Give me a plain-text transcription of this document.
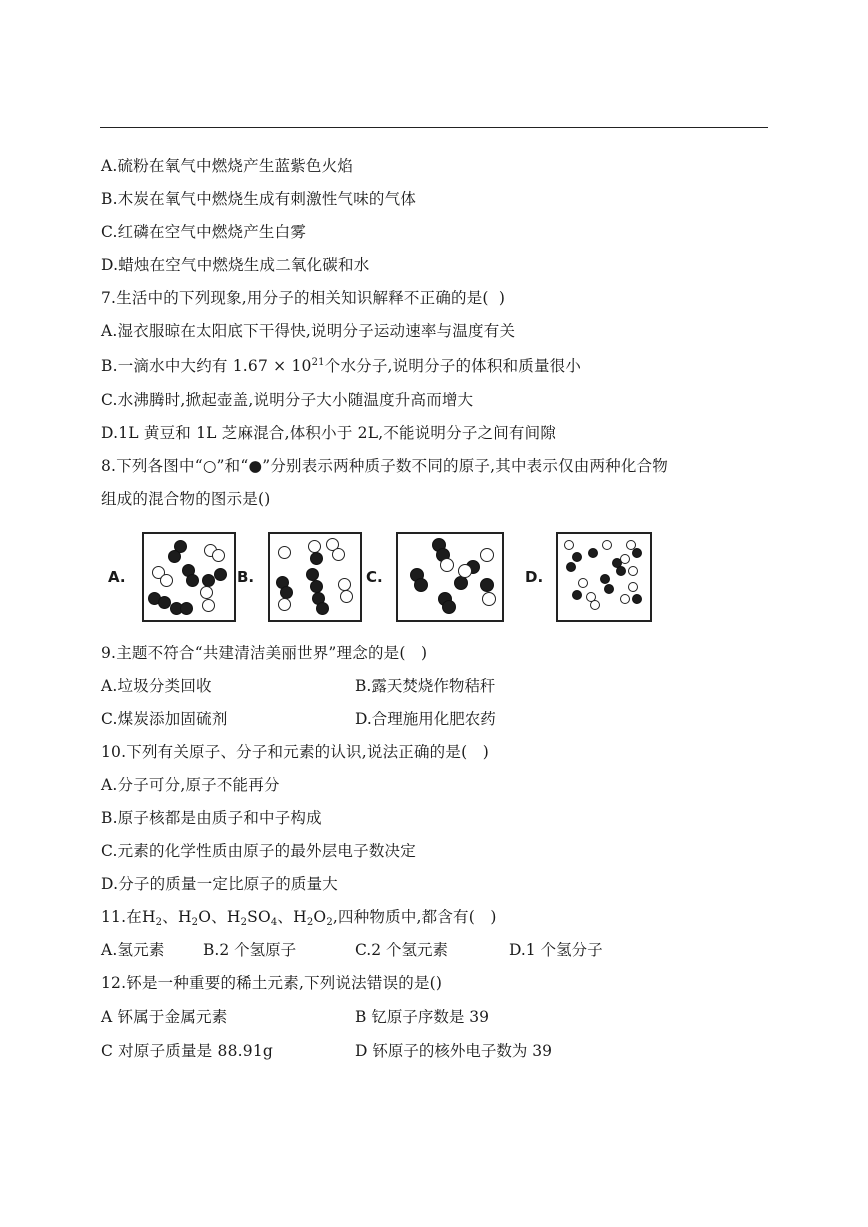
A.硫粉在氧气中燃烧产生蓝紫色火焰
B.木炭在氧气中燃烧生成有刺激性气味的气体
C.红磷在空气中燃烧产生白雾
D.蜡烛在空气中燃烧生成二氧化碳和水
7.生活中的下列现象,用分子的相关知识解释不正确的是(  )
A.湿衣服晾在太阳底下干得快,说明分子运动速率与温度有关
B.一滴水中大约有 $1.67 \times 10^{21}$个水分子,说明分子的体积和质量很小
C.水沸腾时,掀起壶盖,说明分子大小随温度升高而增大
D.1L 黄豆和 1L 芝麻混合,体积小于 2L,不能说明分子之间有间隙
8.下列各图中“○”和“●”分别表示两种质子数不同的原子,其中表示仅由两种化合物
组成的混合物的图示是()
A.	B.	C.	D.
9.主题不符合“共建清洁美丽世界”理念的是(   )
A.垃圾分类回收	B.露天焚烧作物秸秆
C.煤炭添加固硫剂	D.合理施用化肥农药
10.下列有关原子、分子和元素的认识,说法正确的是(   )
A.分子可分,原子不能再分
B.原子核都是由质子和中子构成
C.元素的化学性质由原子的最外层电子数决定
D.分子的质量一定比原子的质量大
11.在$H_2$、$H_2O$、$H_2SO_4$、$H_2O_2$,四种物质中,都含有(   )
A.氢元素 B.2 个氢原子	C.2 个氢元素	D.1 个氢分子
12.钚是一种重要的稀土元素,下列说法错误的是()
A 钚属于金属元素	B 钇原子序数是 39
C 对原子质量是 88.91g	D 钚原子的核外电子数为 39
